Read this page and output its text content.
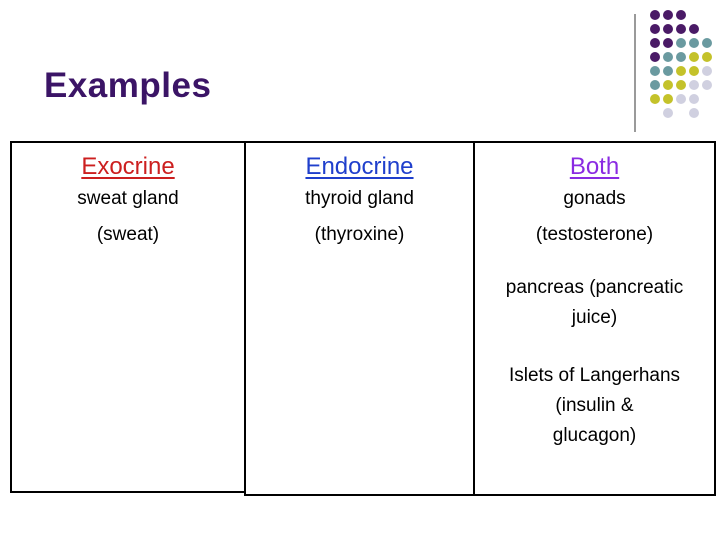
Examples
Exocrine
sweat gland
(sweat)
Endocrine
thyroid gland
(thyroxine)
Both
gonads
(testosterone)
pancreas (pancreatic
juice)
Islets of Langerhans
(insulin &
glucagon)
